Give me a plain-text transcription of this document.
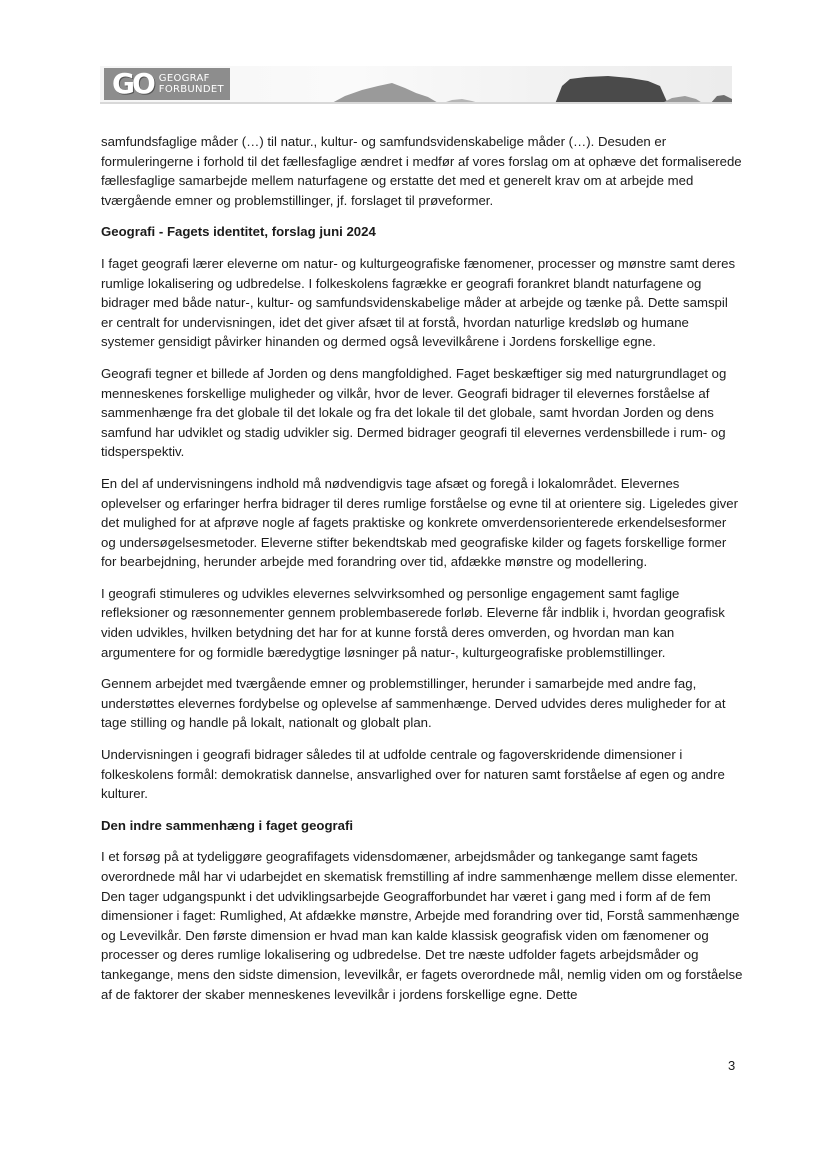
GO GEOGRAF
FORBUNDET

samfundsfaglige måder (…) til natur., kultur- og samfundsvidenskabelige måder (…). Desuden er formuleringerne i forhold til det fællesfaglige ændret i medfør af vores forslag om at ophæve det formaliserede fællesfaglige samarbejde mellem naturfagene og erstatte det med et generelt krav om at arbejde med tværgående emner og problemstillinger, jf. forslaget til prøveformer.

Geografi - Fagets identitet, forslag juni 2024

I faget geografi lærer eleverne om natur- og kulturgeografiske fænomener, processer og mønstre samt deres rumlige lokalisering og udbredelse. I folkeskolens fagrække er geografi forankret blandt naturfagene og bidrager med både natur-, kultur- og samfundsvidenskabelige måder at arbejde og tænke på. Dette samspil er centralt for undervisningen, idet det giver afsæt til at forstå, hvordan naturlige kredsløb og humane systemer gensidigt påvirker hinanden og dermed også levevilkårene i Jordens forskellige egne.

Geografi tegner et billede af Jorden og dens mangfoldighed. Faget beskæftiger sig med naturgrundlaget og menneskenes forskellige muligheder og vilkår, hvor de lever. Geografi bidrager til elevernes forståelse af sammenhænge fra det globale til det lokale og fra det lokale til det globale, samt hvordan Jorden og dens samfund har udviklet og stadig udvikler sig. Dermed bidrager geografi til elevernes verdensbillede i rum- og tidsperspektiv.

En del af undervisningens indhold må nødvendigvis tage afsæt og foregå i lokalområdet. Elevernes oplevelser og erfaringer herfra bidrager til deres rumlige forståelse og evne til at orientere sig. Ligeledes giver det mulighed for at afprøve nogle af fagets praktiske og konkrete omverdensorienterede erkendelsesformer og undersøgelsesmetoder. Eleverne stifter bekendtskab med geografiske kilder og fagets forskellige former for bearbejdning, herunder arbejde med forandring over tid, afdække mønstre og modellering.

I geografi stimuleres og udvikles elevernes selvvirksomhed og personlige engagement samt faglige refleksioner og ræsonnementer gennem problembaserede forløb. Eleverne får indblik i, hvordan geografisk viden udvikles, hvilken betydning det har for at kunne forstå deres omverden, og hvordan man kan argumentere for og formidle bæredygtige løsninger på natur-, kulturgeografiske problemstillinger.

Gennem arbejdet med tværgående emner og problemstillinger, herunder i samarbejde med andre fag, understøttes elevernes fordybelse og oplevelse af sammenhænge. Derved udvides deres muligheder for at tage stilling og handle på lokalt, nationalt og globalt plan.

Undervisningen i geografi bidrager således til at udfolde centrale og fagoverskridende dimensioner i folkeskolens formål: demokratisk dannelse, ansvarlighed over for naturen samt forståelse af egen og andre kulturer.

Den indre sammenhæng i faget geografi

I et forsøg på at tydeliggøre geografifagets vidensdomæner, arbejdsmåder og tankegange samt fagets overordnede mål har vi udarbejdet en skematisk fremstilling af indre sammenhænge mellem disse elementer. Den tager udgangspunkt i det udviklingsarbejde Geografforbundet har været i gang med i form af de fem dimensioner i faget: Rumlighed, At afdække mønstre, Arbejde med forandring over tid, Forstå sammenhænge og Levevilkår. Den første dimension er hvad man kan kalde klassisk geografisk viden om fænomener og processer og deres rumlige lokalisering og udbredelse. Det tre næste udfolder fagets arbejdsmåder og tankegange, mens den sidste dimension, levevilkår, er fagets overordnede mål, nemlig viden om og forståelse af de faktorer der skaber menneskenes levevilkår i jordens forskellige egne. Dette

3
